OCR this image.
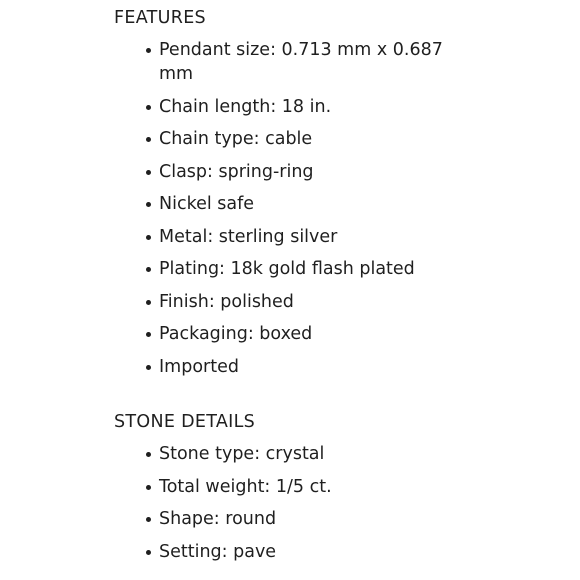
FEATURES
Pendant size: 0.713 mm x 0.687 mm
Chain length: 18 in.
Chain type: cable
Clasp: spring-ring
Nickel safe
Metal: sterling silver
Plating: 18k gold flash plated
Finish: polished
Packaging: boxed
Imported
STONE DETAILS
Stone type: crystal
Total weight: 1/5 ct.
Shape: round
Setting: pave
